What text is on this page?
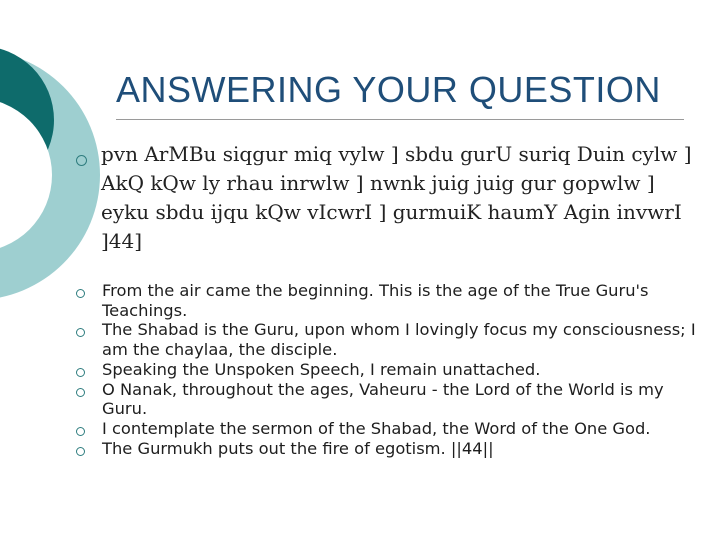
ANSWERING YOUR QUESTION
pvn ArMBu siqgur miq vylw ] sbdu gurU suriq Duin cylw ] AkQ kQw ly rhau inrwlw ] nwnk juig juig gur gopwlw ] eyku sbdu ijqu kQw vIcwrI ] gurmuiK haumY Agin invwrI ]44]
From the air came the beginning. This is the age of the True Guru's Teachings.
The Shabad is the Guru, upon whom I lovingly focus my consciousness; I am the chaylaa, the disciple.
Speaking the Unspoken Speech, I remain unattached.
O Nanak, throughout the ages, Vaheuru - the Lord of the World is my Guru.
I contemplate the sermon of the Shabad, the Word of the One God.
The Gurmukh puts out the fire of egotism. ||44||
